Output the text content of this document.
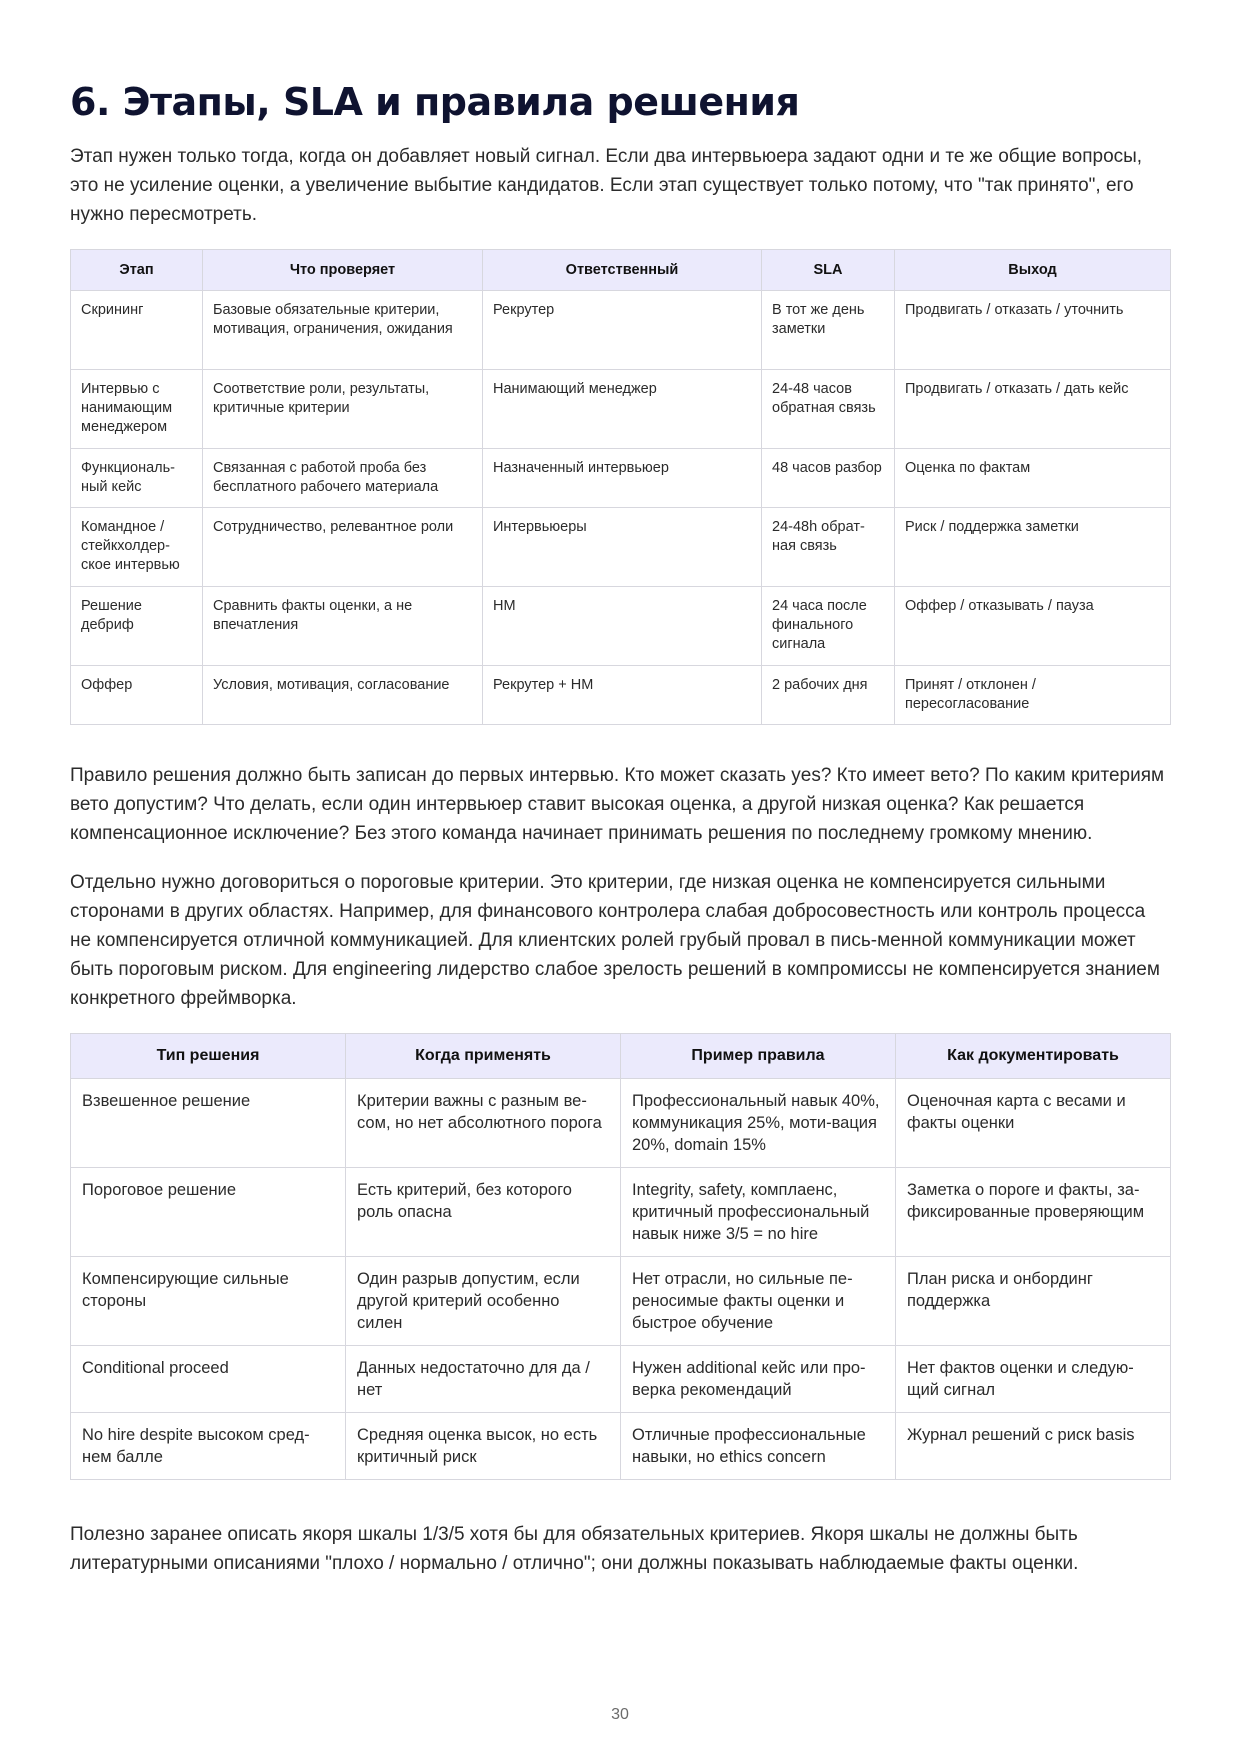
6. Этапы, SLA и правила решения

Этап нужен только тогда, когда он добавляет новый сигнал. Если два интервьюера задают одни и те же общие вопросы, это не усиление оценки, а увеличение выбытие кандидатов. Если этап существует только потому, что "так принято", его нужно пересмотреть.

Этап	Что проверяет	Ответственный	SLA	Выход
Скрининг	Базовые обязательные критерии, мотивация, ограничения, ожидания	Рекрутер	В тот же день заметки	Продвигать / отказать / уточнить
Интервью с нанимающим менеджером	Соответствие роли, результаты, критичные критерии	Нанимающий менеджер	24-48 часов обратная связь	Продвигать / отказать / дать кейс
Функциональ-ный кейс	Связанная с работой проба без бесплатного рабочего материала	Назначенный интервьюер	48 часов разбор	Оценка по фактам
Командное / стейкхолдер-ское интервью	Сотрудничество, релевантное роли	Интервьюеры	24-48h обрат-ная связь	Риск / поддержка заметки
Решение дебриф	Сравнить факты оценки, а не впечатления	HM	24 часа после финального сигнала	Оффер / отказывать / пауза
Оффер	Условия, мотивация, согласование	Рекрутер + HM	2 рабочих дня	Принят / отклонен / пересогласование

Правило решения должно быть записан до первых интервью. Кто может сказать yes? Кто имеет вето? По каким критериям вето допустим? Что делать, если один интервьюер ставит высокая оценка, а другой низкая оценка? Как решается компенсационное исключение? Без этого команда начинает принимать решения по последнему громкому мнению.

Отдельно нужно договориться о пороговые критерии. Это критерии, где низкая оценка не компенсируется сильными сторонами в других областях. Например, для финансового контролера слабая добросовестность или контроль процесса не компенсируется отличной коммуникацией. Для клиентских ролей грубый провал в пись-менной коммуникации может быть пороговым риском. Для engineering лидерство слабое зрелость решений в компромиссы не компенсируется знанием конкретного фреймворка.

Тип решения	Когда применять	Пример правила	Как документировать
Взвешенное решение	Критерии важны с разным ве-сом, но нет абсолютного порога	Профессиональный навык 40%, коммуникация 25%, моти-вация 20%, domain 15%	Оценочная карта с весами и факты оценки
Пороговое решение	Есть критерий, без которого роль опасна	Integrity, safety, комплаенс, критичный профессиональный навык ниже 3/5 = no hire	Заметка о пороге и факты, за-фиксированные проверяющим
Компенсирующие сильные стороны	Один разрыв допустим, если другой критерий особенно силен	Нет отрасли, но сильные пе-реносимые факты оценки и быстрое обучение	План риска и онбординг поддержка
Conditional proceed	Данных недостаточно для да / нет	Нужен additional кейс или про-верка рекомендаций	Нет фактов оценки и следую-щий сигнал
No hire despite высоком сред-нем балле	Средняя оценка высок, но есть критичный риск	Отличные профессиональные навыки, но ethics concern	Журнал решений с риск basis

Полезно заранее описать якоря шкалы 1/3/5 хотя бы для обязательных критериев. Якоря шкалы не должны быть литературными описаниями "плохо / нормально / отлично"; они должны показывать наблюдаемые факты оценки.

30
